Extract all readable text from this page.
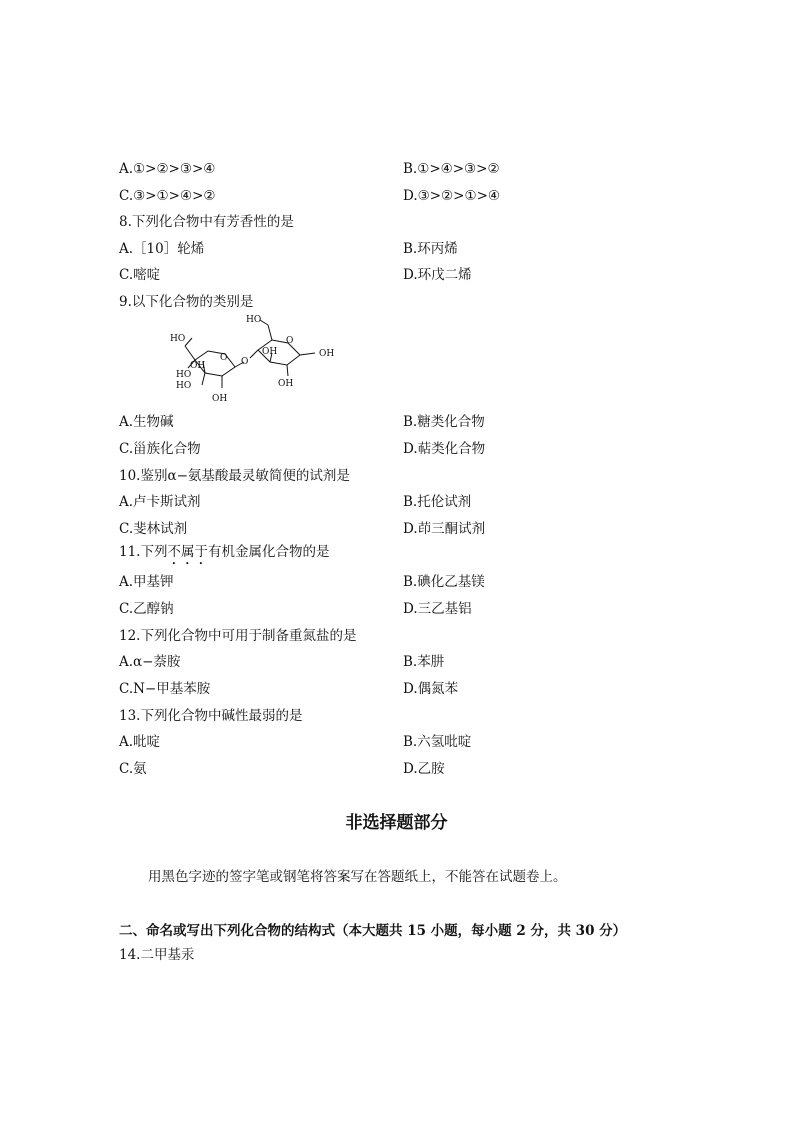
A.①>②>③>④	B.①>④>③>②
C.③>①>④>②	D.③>②>①>④
8.下列化合物中有芳香性的是
A.［10］轮烯	B.环丙烯
C.嘧啶	D.环戊二烯
9.以下化合物的类别是
HO
O
OH
HO
HO
OH
O
HO
O
OH	OH
OH
A.生物碱	B.糖类化合物
C.甾族化合物	D.萜类化合物
10.鉴别α−氨基酸最灵敏简便的试剂是
A.卢卡斯试剂	B.托伦试剂
C.斐林试剂	D.茚三酮试剂
11.下列不属于有机金属化合物的是
A.甲基钾	B.碘化乙基镁
C.乙醇钠	D.三乙基铝
12.下列化合物中可用于制备重氮盐的是
A.α−萘胺	B.苯肼
C.N−甲基苯胺	D.偶氮苯
13.下列化合物中碱性最弱的是
A.吡啶	B.六氢吡啶
C.氨	D.乙胺
非选择题部分
用黑色字迹的签字笔或钢笔将答案写在答题纸上，不能答在试题卷上。
二、命名或写出下列化合物的结构式（本大题共 15 小题，每小题 2 分，共 30 分）
14.二甲基汞
